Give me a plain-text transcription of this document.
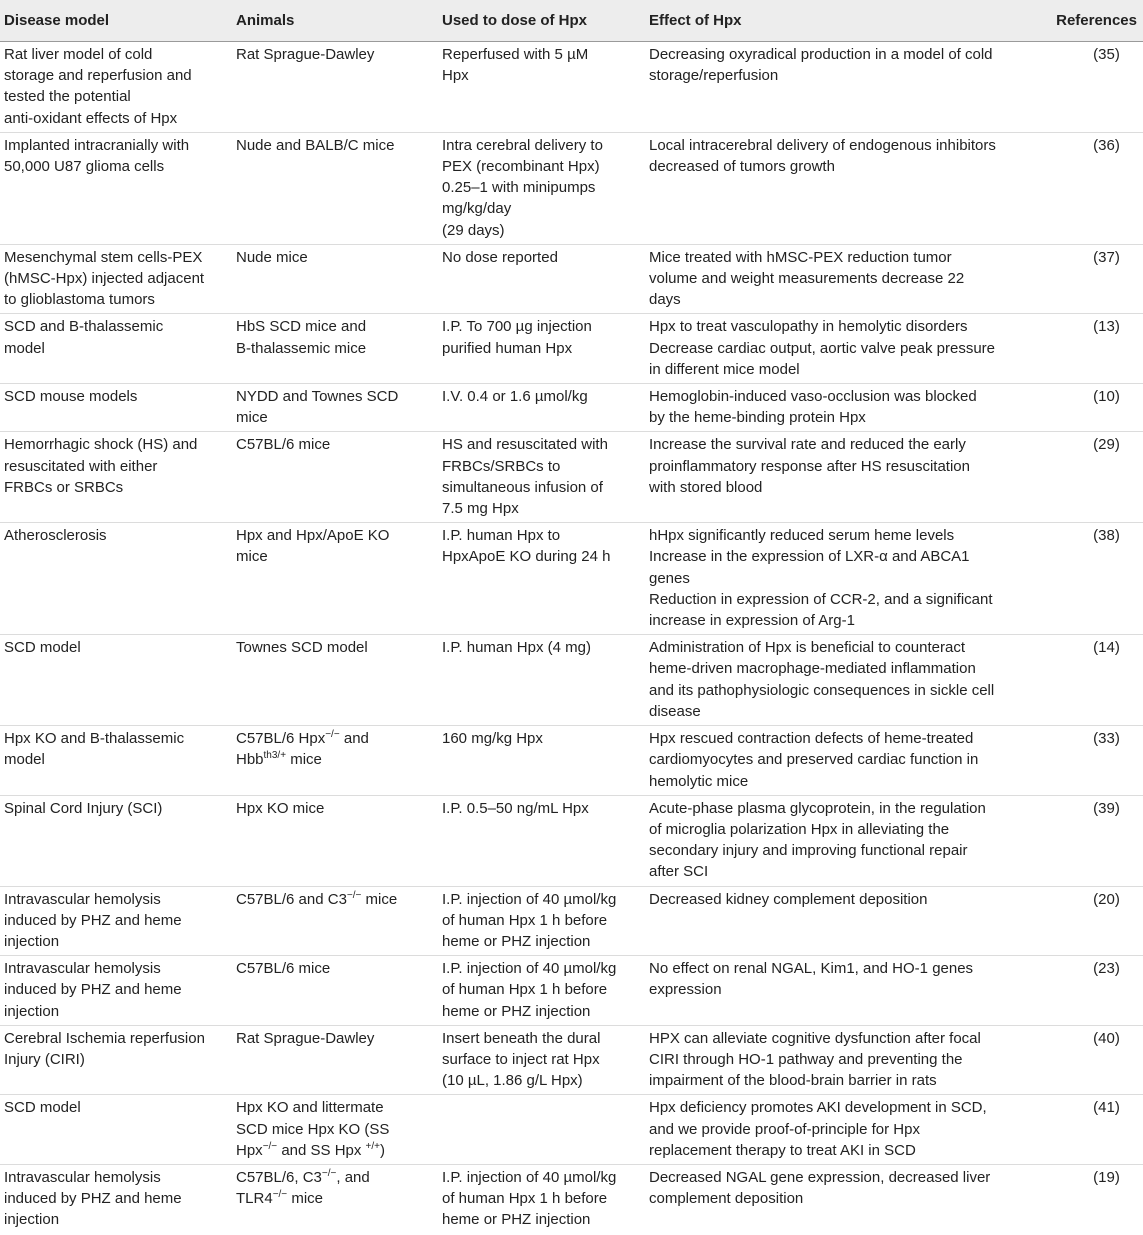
Disease model	Animals	Used to dose of Hpx	Effect of Hpx	References

Rat liver model of cold
storage and reperfusion and
tested the potential
anti-oxidant effects of Hpx	Rat Sprague-Dawley	Reperfused with 5 µM
Hpx	Decreasing oxyradical production in a model of cold
storage/reperfusion	(35)

Implanted intracranially with
50,000 U87 glioma cells	Nude and BALB/C mice	Intra cerebral delivery to
PEX (recombinant Hpx)
0.25–1 with minipumps
mg/kg/day
(29 days)	Local intracerebral delivery of endogenous inhibitors
decreased of tumors growth	(36)

Mesenchymal stem cells-PEX
(hMSC-Hpx) injected adjacent
to glioblastoma tumors	Nude mice	No dose reported	Mice treated with hMSC-PEX reduction tumor
volume and weight measurements decrease 22
days	(37)

SCD and B-thalassemic
model	HbS SCD mice and
B-thalassemic mice	I.P. To 700 µg injection
purified human Hpx	Hpx to treat vasculopathy in hemolytic disorders
Decrease cardiac output, aortic valve peak pressure
in different mice model	(13)

SCD mouse models	NYDD and Townes SCD
mice	I.V. 0.4 or 1.6 µmol/kg	Hemoglobin-induced vaso-occlusion was blocked
by the heme-binding protein Hpx	(10)

Hemorrhagic shock (HS) and
resuscitated with either
FRBCs or SRBCs	C57BL/6 mice	HS and resuscitated with
FRBCs/SRBCs to
simultaneous infusion of
7.5 mg Hpx	Increase the survival rate and reduced the early
proinflammatory response after HS resuscitation
with stored blood	(29)

Atherosclerosis	Hpx and Hpx/ApoE KO
mice	I.P. human Hpx to
HpxApoE KO during 24 h	hHpx significantly reduced serum heme levels
Increase in the expression of LXR-α and ABCA1
genes
Reduction in expression of CCR-2, and a significant
increase in expression of Arg-1	(38)

SCD model	Townes SCD model	I.P. human Hpx (4 mg)	Administration of Hpx is beneficial to counteract
heme-driven macrophage-mediated inflammation
and its pathophysiologic consequences in sickle cell
disease	(14)

Hpx KO and B-thalassemic
model	C57BL/6 Hpx−/− and
Hbb$^{th3/+}$ mice	160 mg/kg Hpx	Hpx rescued contraction defects of heme-treated
cardiomyocytes and preserved cardiac function in
hemolytic mice	(33)

Spinal Cord Injury (SCI)	Hpx KO mice	I.P. 0.5–50 ng/mL Hpx	Acute-phase plasma glycoprotein, in the regulation
of microglia polarization Hpx in alleviating the
secondary injury and improving functional repair
after SCI	(39)

Intravascular hemolysis
induced by PHZ and heme
injection	C57BL/6 and C3−/− mice	I.P. injection of 40 µmol/kg
of human Hpx 1 h before
heme or PHZ injection	Decreased kidney complement deposition	(20)

Intravascular hemolysis
induced by PHZ and heme
injection	C57BL/6 mice	I.P. injection of 40 µmol/kg
of human Hpx 1 h before
heme or PHZ injection	No effect on renal NGAL, Kim1, and HO-1 genes
expression	(23)

Cerebral Ischemia reperfusion
Injury (CIRI)	Rat Sprague-Dawley	Insert beneath the dural
surface to inject rat Hpx
(10 µL, 1.86 g/L Hpx)	HPX can alleviate cognitive dysfunction after focal
CIRI through HO-1 pathway and preventing the
impairment of the blood-brain barrier in rats	(40)

SCD model	Hpx KO and littermate
SCD mice Hpx KO (SS
Hpx−/− and SS Hpx +/+)		Hpx deficiency promotes AKI development in SCD,
and we provide proof-of-principle for Hpx
replacement therapy to treat AKI in SCD	(41)

Intravascular hemolysis
induced by PHZ and heme
injection	C57BL/6, C3−/−, and
TLR4−/− mice	I.P. injection of 40 µmol/kg
of human Hpx 1 h before
heme or PHZ injection	Decreased NGAL gene expression, decreased liver
complement deposition	(19)
